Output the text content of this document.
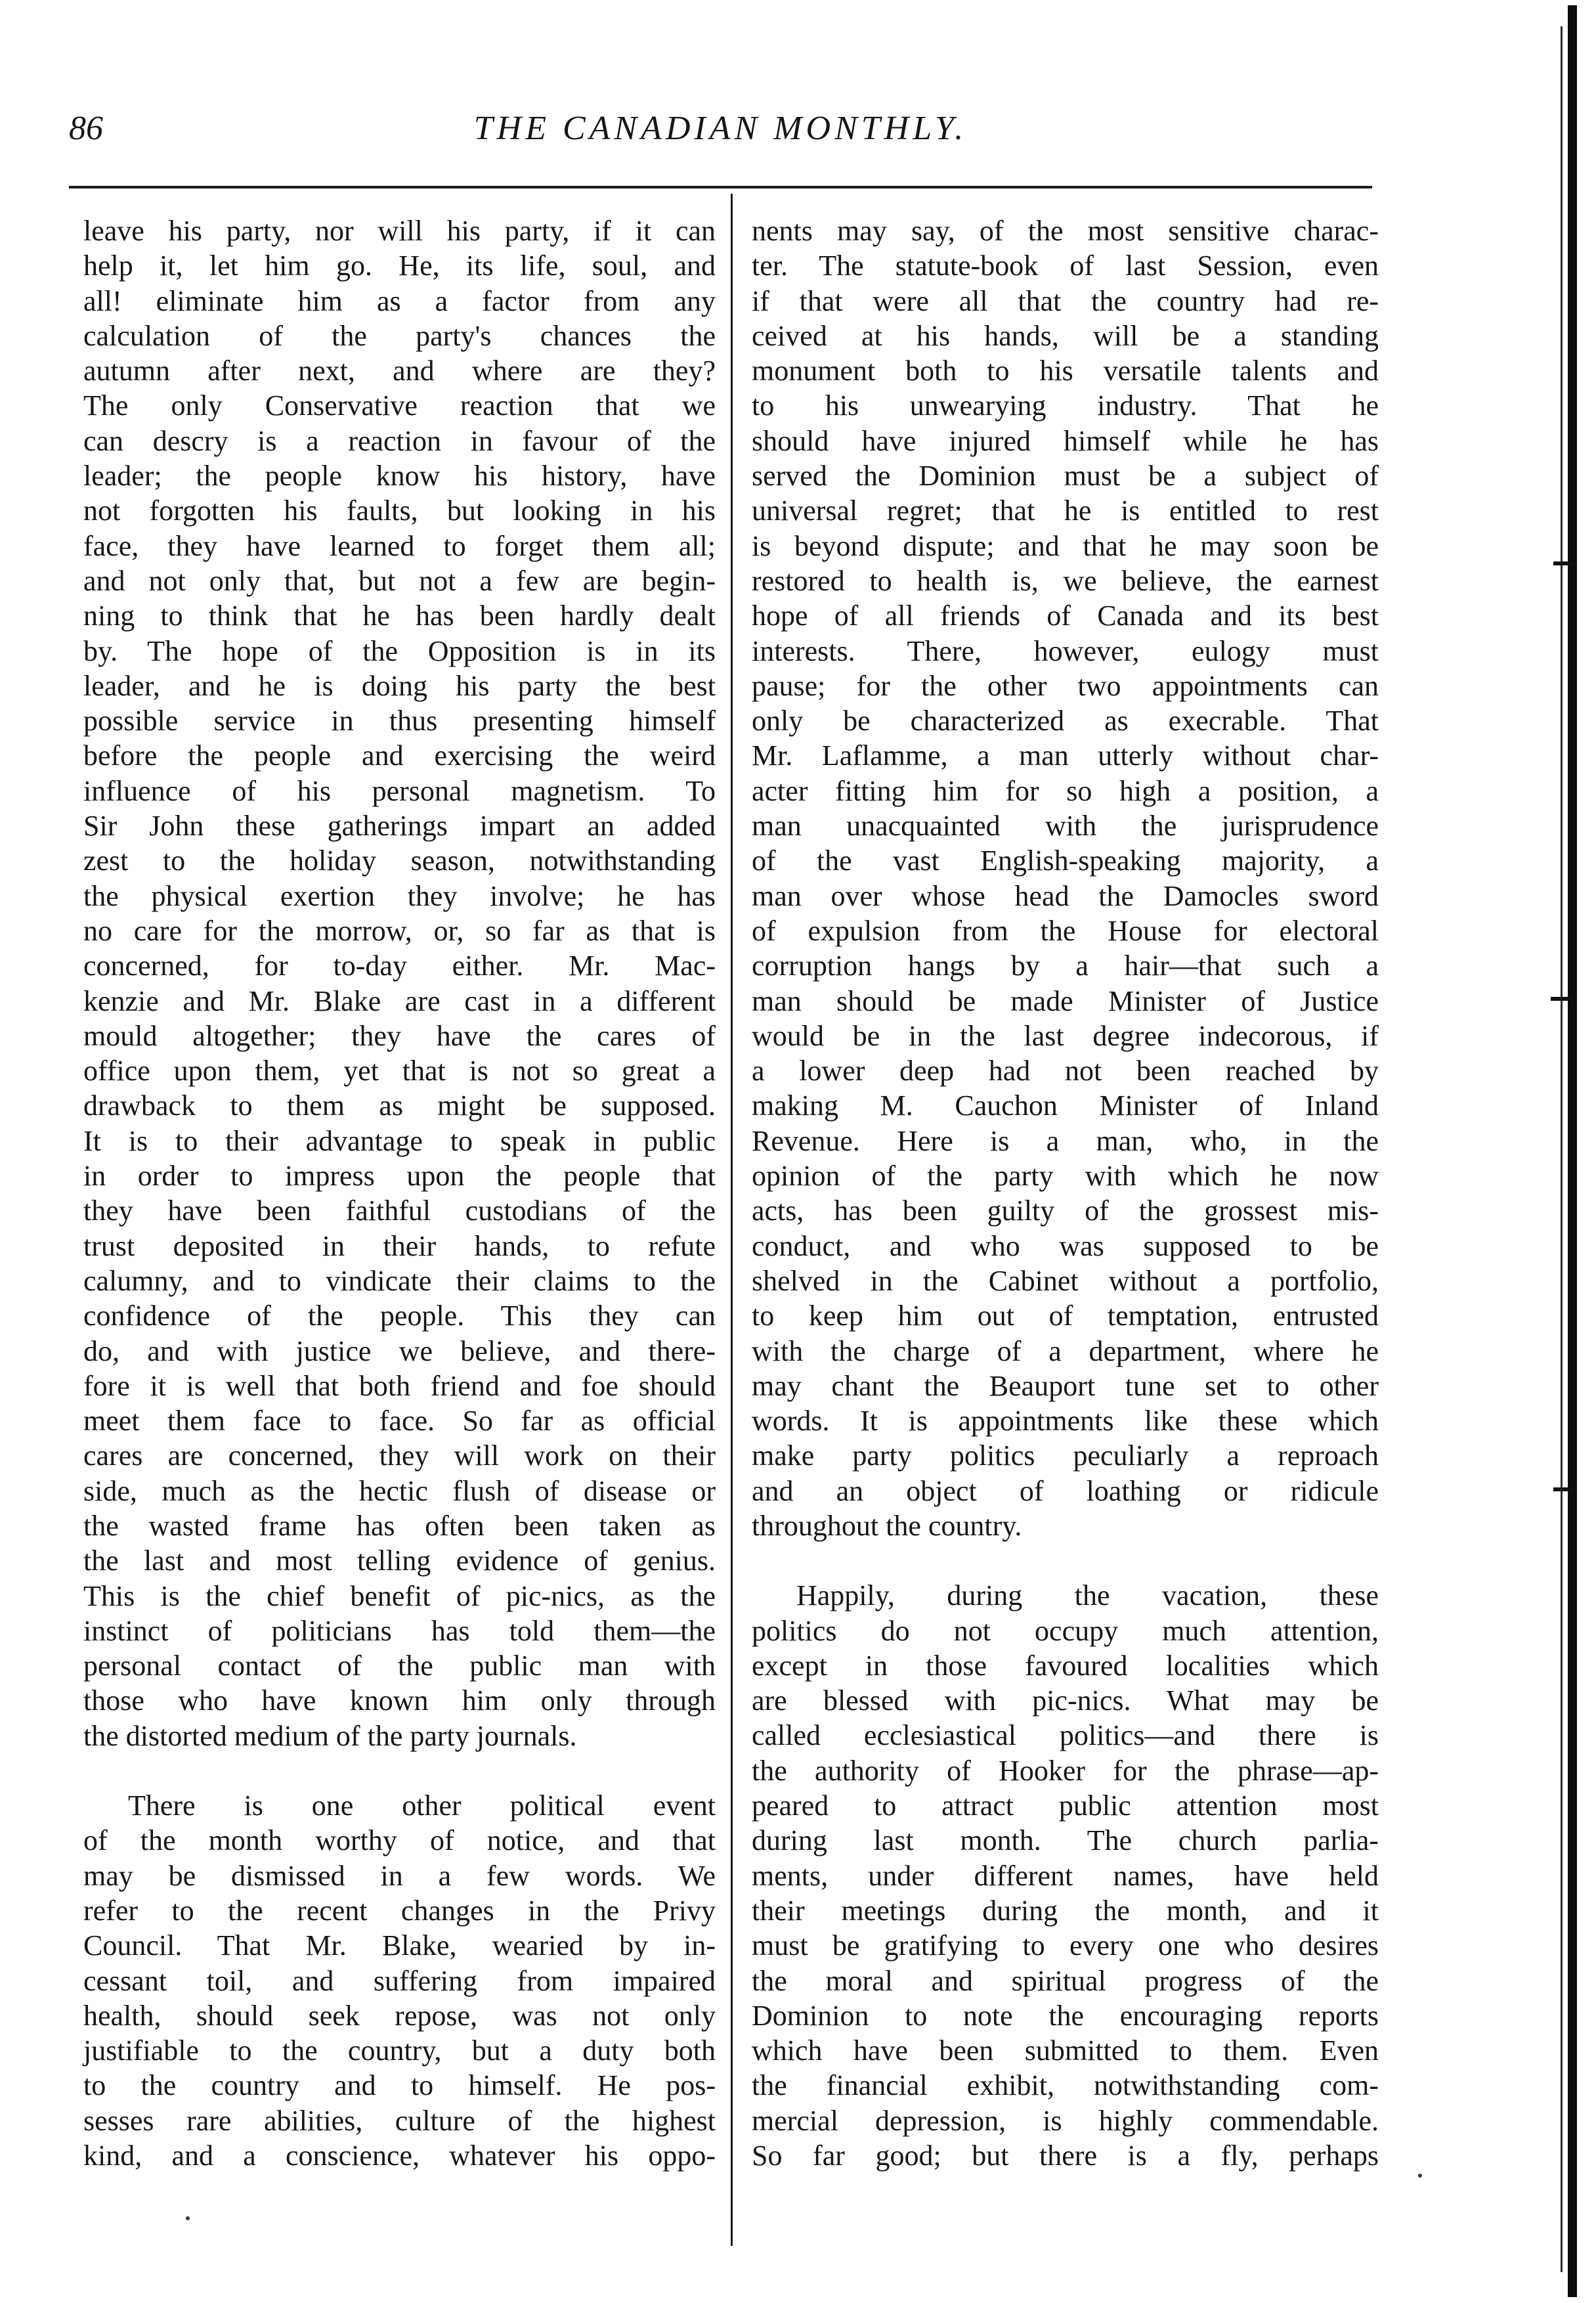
86	THE CANADIAN MONTHLY.
leave his party, nor will his party, if it can
help it, let him go. He, its life, soul, and
all! eliminate him as a factor from any
calculation of the party's chances the
autumn after next, and where are they?
The only Conservative reaction that we
can descry is a reaction in favour of the
leader; the people know his history, have
not forgotten his faults, but looking in his
face, they have learned to forget them all;
and not only that, but not a few are begin-
ning to think that he has been hardly dealt
by. The hope of the Opposition is in its
leader, and he is doing his party the best
possible service in thus presenting himself
before the people and exercising the weird
influence of his personal magnetism. To
Sir John these gatherings impart an added
zest to the holiday season, notwithstanding
the physical exertion they involve; he has
no care for the morrow, or, so far as that is
concerned, for to-day either. Mr. Mac-
kenzie and Mr. Blake are cast in a different
mould altogether; they have the cares of
office upon them, yet that is not so great a
drawback to them as might be supposed.
It is to their advantage to speak in public
in order to impress upon the people that
they have been faithful custodians of the
trust deposited in their hands, to refute
calumny, and to vindicate their claims to the
confidence of the people. This they can
do, and with justice we believe, and there-
fore it is well that both friend and foe should
meet them face to face. So far as official
cares are concerned, they will work on their
side, much as the hectic flush of disease or
the wasted frame has often been taken as
the last and most telling evidence of genius.
This is the chief benefit of pic-nics, as the
instinct of politicians has told them—the
personal contact of the public man with
those who have known him only through
the distorted medium of the party journals.
There is one other political event
of the month worthy of notice, and that
may be dismissed in a few words. We
refer to the recent changes in the Privy
Council. That Mr. Blake, wearied by in-
cessant toil, and suffering from impaired
health, should seek repose, was not only
justifiable to the country, but a duty both
to the country and to himself. He pos-
sesses rare abilities, culture of the highest
kind, and a conscience, whatever his oppo-
nents may say, of the most sensitive charac-
ter. The statute-book of last Session, even
if that were all that the country had re-
ceived at his hands, will be a standing
monument both to his versatile talents and
to his unwearying industry. That he
should have injured himself while he has
served the Dominion must be a subject of
universal regret; that he is entitled to rest
is beyond dispute; and that he may soon be
restored to health is, we believe, the earnest
hope of all friends of Canada and its best
interests. There, however, eulogy must
pause; for the other two appointments can
only be characterized as execrable. That
Mr. Laflamme, a man utterly without char-
acter fitting him for so high a position, a
man unacquainted with the jurisprudence
of the vast English-speaking majority, a
man over whose head the Damocles sword
of expulsion from the House for electoral
corruption hangs by a hair—that such a
man should be made Minister of Justice
would be in the last degree indecorous, if
a lower deep had not been reached by
making M. Cauchon Minister of Inland
Revenue. Here is a man, who, in the
opinion of the party with which he now
acts, has been guilty of the grossest mis-
conduct, and who was supposed to be
shelved in the Cabinet without a portfolio,
to keep him out of temptation, entrusted
with the charge of a department, where he
may chant the Beauport tune set to other
words. It is appointments like these which
make party politics peculiarly a reproach
and an object of loathing or ridicule
throughout the country.
Happily, during the vacation, these
politics do not occupy much attention,
except in those favoured localities which
are blessed with pic-nics. What may be
called ecclesiastical politics—and there is
the authority of Hooker for the phrase—ap-
peared to attract public attention most
during last month. The church parlia-
ments, under different names, have held
their meetings during the month, and it
must be gratifying to every one who desires
the moral and spiritual progress of the
Dominion to note the encouraging reports
which have been submitted to them. Even
the financial exhibit, notwithstanding com-
mercial depression, is highly commendable.
So far good; but there is a fly, perhaps
